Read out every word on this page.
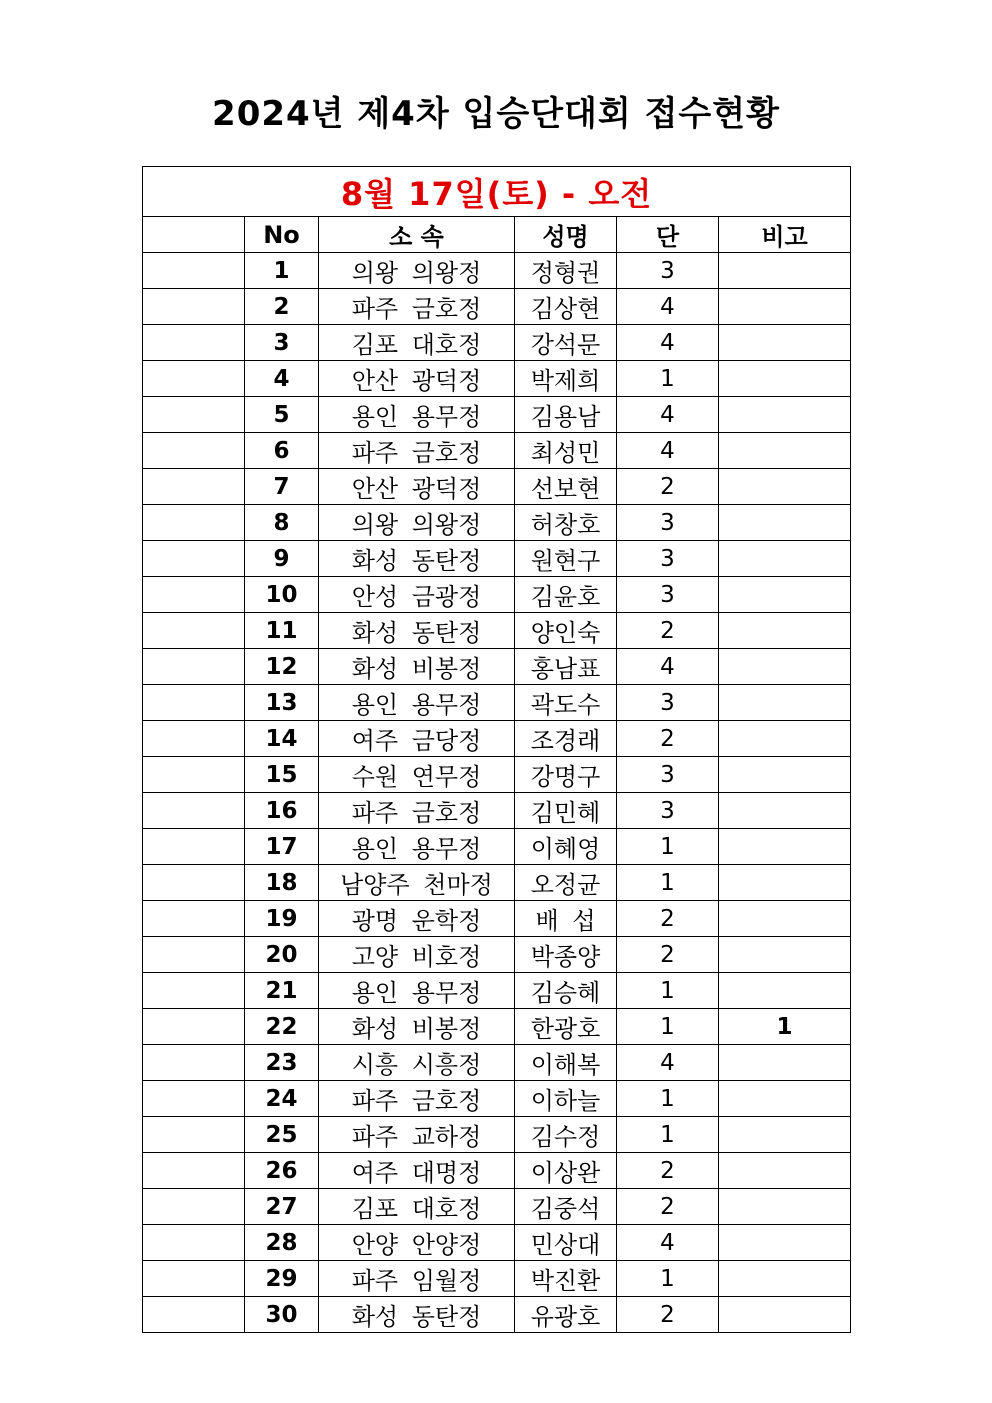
2024년 제4차 입승단대회 접수현황
8월 17일(토) - 오전					
	No	소 속	성명	단	비고
	1	의왕 의왕정	정형권	3	
	2	파주 금호정	김상현	4	
	3	김포 대호정	강석문	4	
	4	안산 광덕정	박제희	1	
	5	용인 용무정	김용남	4	
	6	파주 금호정	최성민	4	
	7	안산 광덕정	선보현	2	
	8	의왕 의왕정	허창호	3	
	9	화성 동탄정	원현구	3	
	10	안성 금광정	김윤호	3	
	11	화성 동탄정	양인숙	2	
	12	화성 비봉정	홍남표	4	
	13	용인 용무정	곽도수	3	
	14	여주 금당정	조경래	2	
	15	수원 연무정	강명구	3	
	16	파주 금호정	김민혜	3	
	17	용인 용무정	이혜영	1	
	18	남양주 천마정	오정균	1	
	19	광명 운학정	배 섭	2	
	20	고양 비호정	박종양	2	
	21	용인 용무정	김승혜	1	
	22	화성 비봉정	한광호	1	1
	23	시흥 시흥정	이해복	4	
	24	파주 금호정	이하늘	1	
	25	파주 교하정	김수정	1	
	26	여주 대명정	이상완	2	
	27	김포 대호정	김중석	2	
	28	안양 안양정	민상대	4	
	29	파주 임월정	박진환	1	
	30	화성 동탄정	유광호	2	
